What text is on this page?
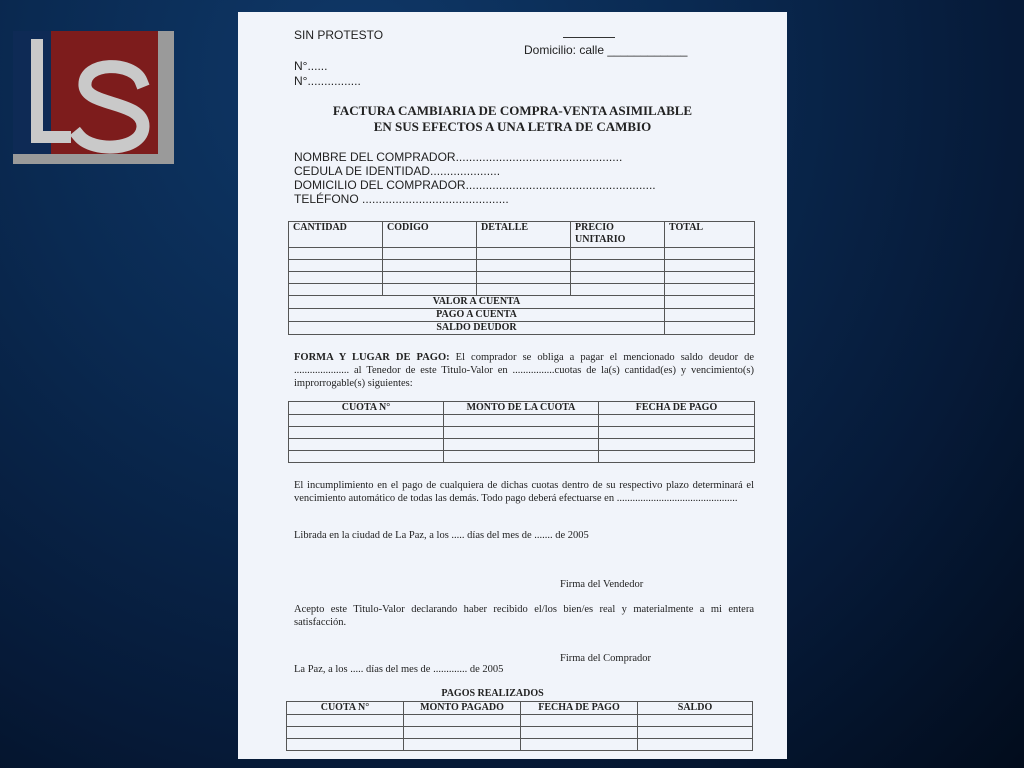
SIN PROTESTO
Domicilio: calle ____________
N°......
N°................
FACTURA CAMBIARIA DE COMPRA-VENTA ASIMILABLE
EN SUS EFECTOS A UNA LETRA DE CAMBIO
NOMBRE DEL COMPRADOR..................................................
CEDULA DE IDENTIDAD.....................
DOMICILIO DEL COMPRADOR.........................................................
TELÉFONO ............................................
CANTIDAD	CODIGO	DETALLE	PRECIO UNITARIO	TOTAL

VALOR A CUENTA				
PAGO A CUENTA				
SALDO DEUDOR				
FORMA Y LUGAR DE PAGO: El comprador se obliga a pagar el mencionado saldo deudor de ..................... al Tenedor de este Titulo-Valor en ................cuotas de la(s) cantidad(es) y vencimiento(s) improrrogable(s) siguientes:
CUOTA N°	MONTO DE LA CUOTA	FECHA DE PAGO

El incumplimiento en el pago de cualquiera de dichas cuotas dentro de su respectivo plazo determinará el vencimiento automático de todas las demás. Todo pago deberá efectuarse en ..............................................
Librada en la ciudad de La Paz, a los ..... días del mes de ....... de 2005
Firma del Vendedor
Acepto este Titulo-Valor declarando haber recibido el/los bien/es real y materialmente a mi entera satisfacción.
Firma del Comprador
La Paz, a los ..... días del mes de ............. de 2005
PAGOS REALIZADOS
CUOTA N°	MONTO PAGADO	FECHA DE PAGO	SALDO
